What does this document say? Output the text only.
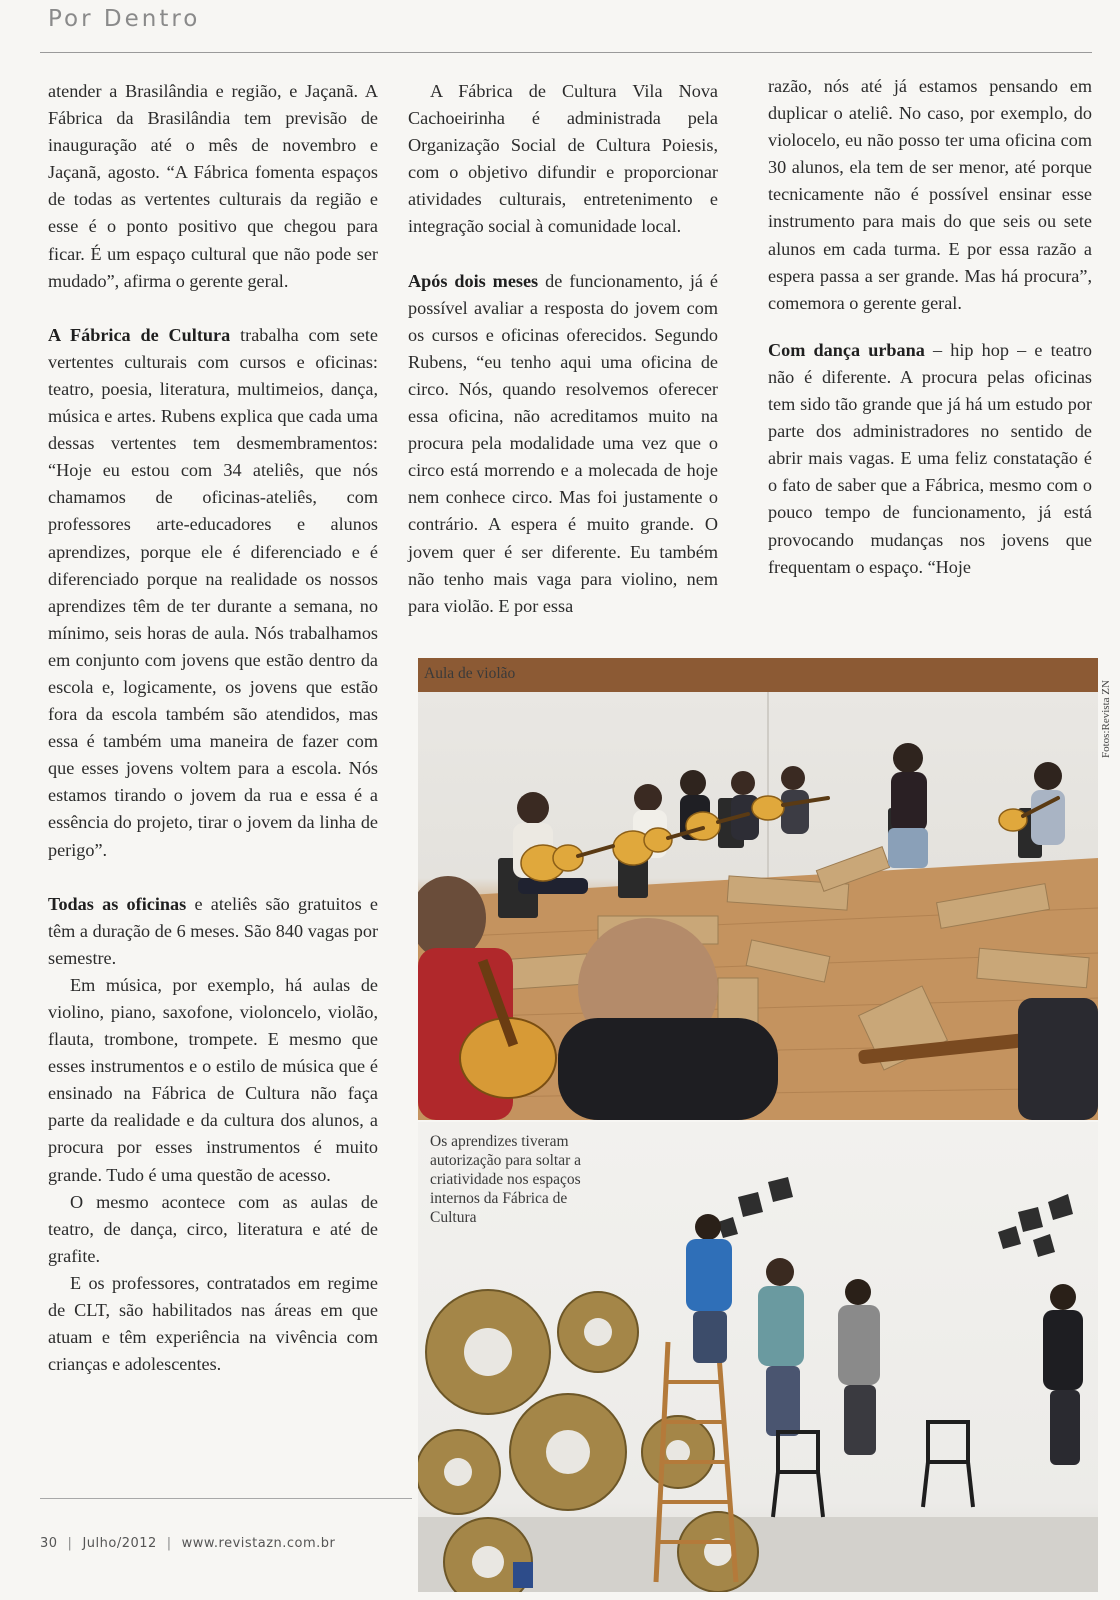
Por Dentro

atender a Brasilândia e região, e Jaçanã. A Fábrica da Brasilândia tem previsão de inauguração até o mês de novembro e Jaçanã, agosto. “A Fábrica fomenta espaços de todas as vertentes culturais da região e esse é o ponto positivo que chegou para ficar. É um espaço cultural que não pode ser mudado”, afirma o gerente geral.

A Fábrica de Cultura trabalha com sete vertentes culturais com cursos e oficinas: teatro, poesia, literatura, multimeios, dança, música e artes. Rubens explica que cada uma dessas vertentes tem desmembramentos: “Hoje eu estou com 34 ateliês, que nós chamamos de oficinas-ateliês, com professores arte-educadores e alunos aprendizes, porque ele é diferenciado e é diferenciado porque na realidade os nossos aprendizes têm de ter durante a semana, no mínimo, seis horas de aula. Nós trabalhamos em conjunto com jovens que estão dentro da escola e, logicamente, os jovens que estão fora da escola também são atendidos, mas essa é também uma maneira de fazer com que esses jovens voltem para a escola. Nós estamos tirando o jovem da rua e essa é a essência do projeto, tirar o jovem da linha de perigo”.

Todas as oficinas e ateliês são gratuitos e têm a duração de 6 meses. São 840 vagas por semestre.

Em música, por exemplo, há aulas de violino, piano, saxofone, violoncelo, violão, flauta, trombone, trompete. E mesmo que esses instrumentos e o estilo de música que é ensinado na Fábrica de Cultura não faça parte da realidade e da cultura dos alunos, a procura por esses instrumentos é muito grande. Tudo é uma questão de acesso.

O mesmo acontece com as aulas de teatro, de dança, circo, literatura e até de grafite.

E os professores, contratados em regime de CLT, são habilitados nas áreas em que atuam e têm experiência na vivência com crianças e adolescentes.

A Fábrica de Cultura Vila Nova Cachoeirinha é administrada pela Organização Social de Cultura Poiesis, com o objetivo difundir e proporcionar atividades culturais, entretenimento e integração social à comunidade local.

Após dois meses de funcionamento, já é possível avaliar a resposta do jovem com os cursos e oficinas oferecidos. Segundo Rubens, “eu tenho aqui uma oficina de circo. Nós, quando resolvemos oferecer essa oficina, não acreditamos muito na procura pela modalidade uma vez que o circo está morrendo e a molecada de hoje nem conhece circo. Mas foi justamente o contrário. A espera é muito grande. O jovem quer é ser diferente. Eu também não tenho mais vaga para violino, nem para violão. E por essa

razão, nós até já estamos pensando em duplicar o ateliê. No caso, por exemplo, do violocelo, eu não posso ter uma oficina com 30 alunos, ela tem de ser menor, até porque tecnicamente não é possível ensinar esse instrumento para mais do que seis ou sete alunos em cada turma. E por essa razão a espera passa a ser grande. Mas há procura”, comemora o gerente geral.

Com dança urbana – hip hop – e teatro não é diferente. A procura pelas oficinas tem sido tão grande que já há um estudo por parte dos administradores no sentido de abrir mais vagas. E uma feliz constatação é o fato de saber que a Fábrica, mesmo com o pouco tempo de funcionamento, já está provocando mudanças nos jovens que frequentam o espaço. “Hoje

Aula de violão
Os aprendizes tiveram autorização para soltar a criatividade nos espaços internos da Fábrica de Cultura
Fotos:Revista ZN
30 | Julho/2012 | www.revistazn.com.br
